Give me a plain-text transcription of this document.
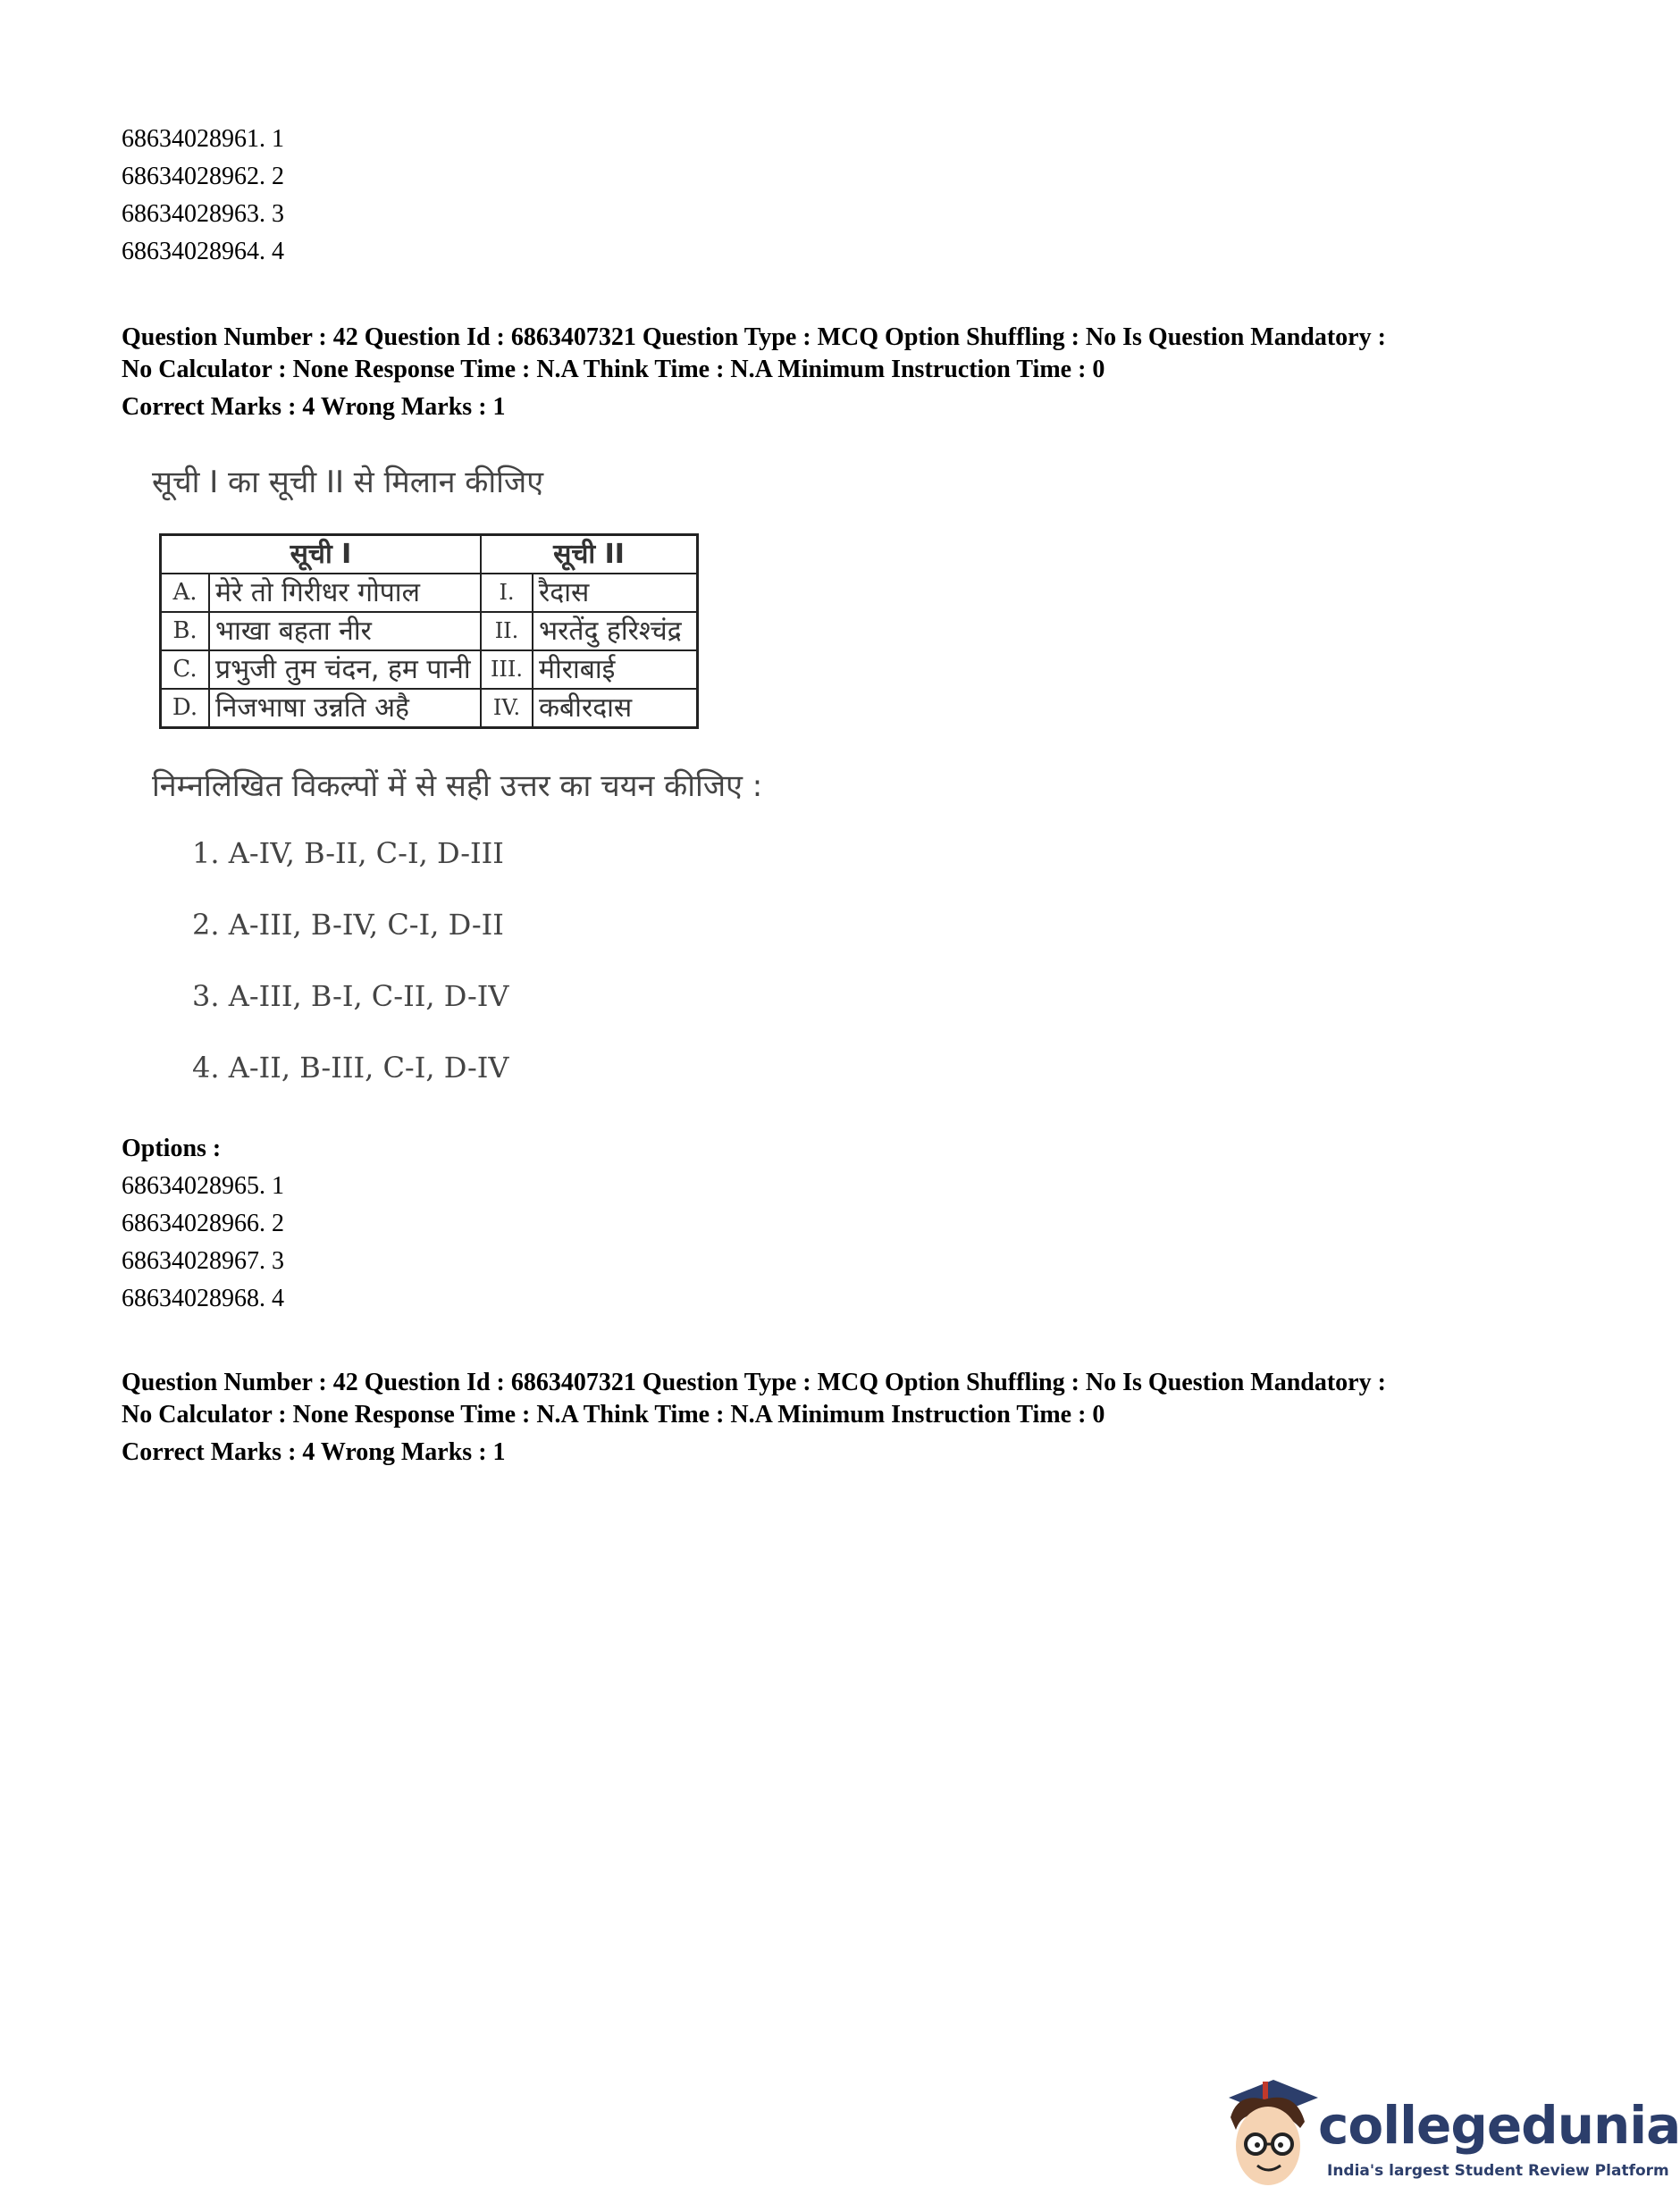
68634028961. 1
68634028962. 2
68634028963. 3
68634028964. 4
Question Number : 42 Question Id : 6863407321 Question Type : MCQ Option Shuffling : No Is Question Mandatory :
No Calculator : None Response Time : N.A Think Time : N.A Minimum Instruction Time : 0
Correct Marks : 4 Wrong Marks : 1
सूची I का सूची II से मिलान कीजिए
सूची I		सूची II	
A.	मेरे तो गिरीधर गोपाल	I.	रैदास
B.	भाखा बहता नीर	II.	भरतेंदु हरिश्चंद्र
C.	प्रभुजी तुम चंदन, हम पानी	III.	मीराबाई
D.	निजभाषा उन्नति अहै	IV.	कबीरदास
निम्नलिखित विकल्पों में से सही उत्तर का चयन कीजिए :
1. A-IV, B-II, C-I, D-III
2. A-III, B-IV, C-I, D-II
3. A-III, B-I, C-II, D-IV
4. A-II, B-III, C-I, D-IV
Options :
68634028965. 1
68634028966. 2
68634028967. 3
68634028968. 4
Question Number : 42 Question Id : 6863407321 Question Type : MCQ Option Shuffling : No Is Question Mandatory :
No Calculator : None Response Time : N.A Think Time : N.A Minimum Instruction Time : 0
Correct Marks : 4 Wrong Marks : 1
collegedunia
India's largest Student Review Platform
